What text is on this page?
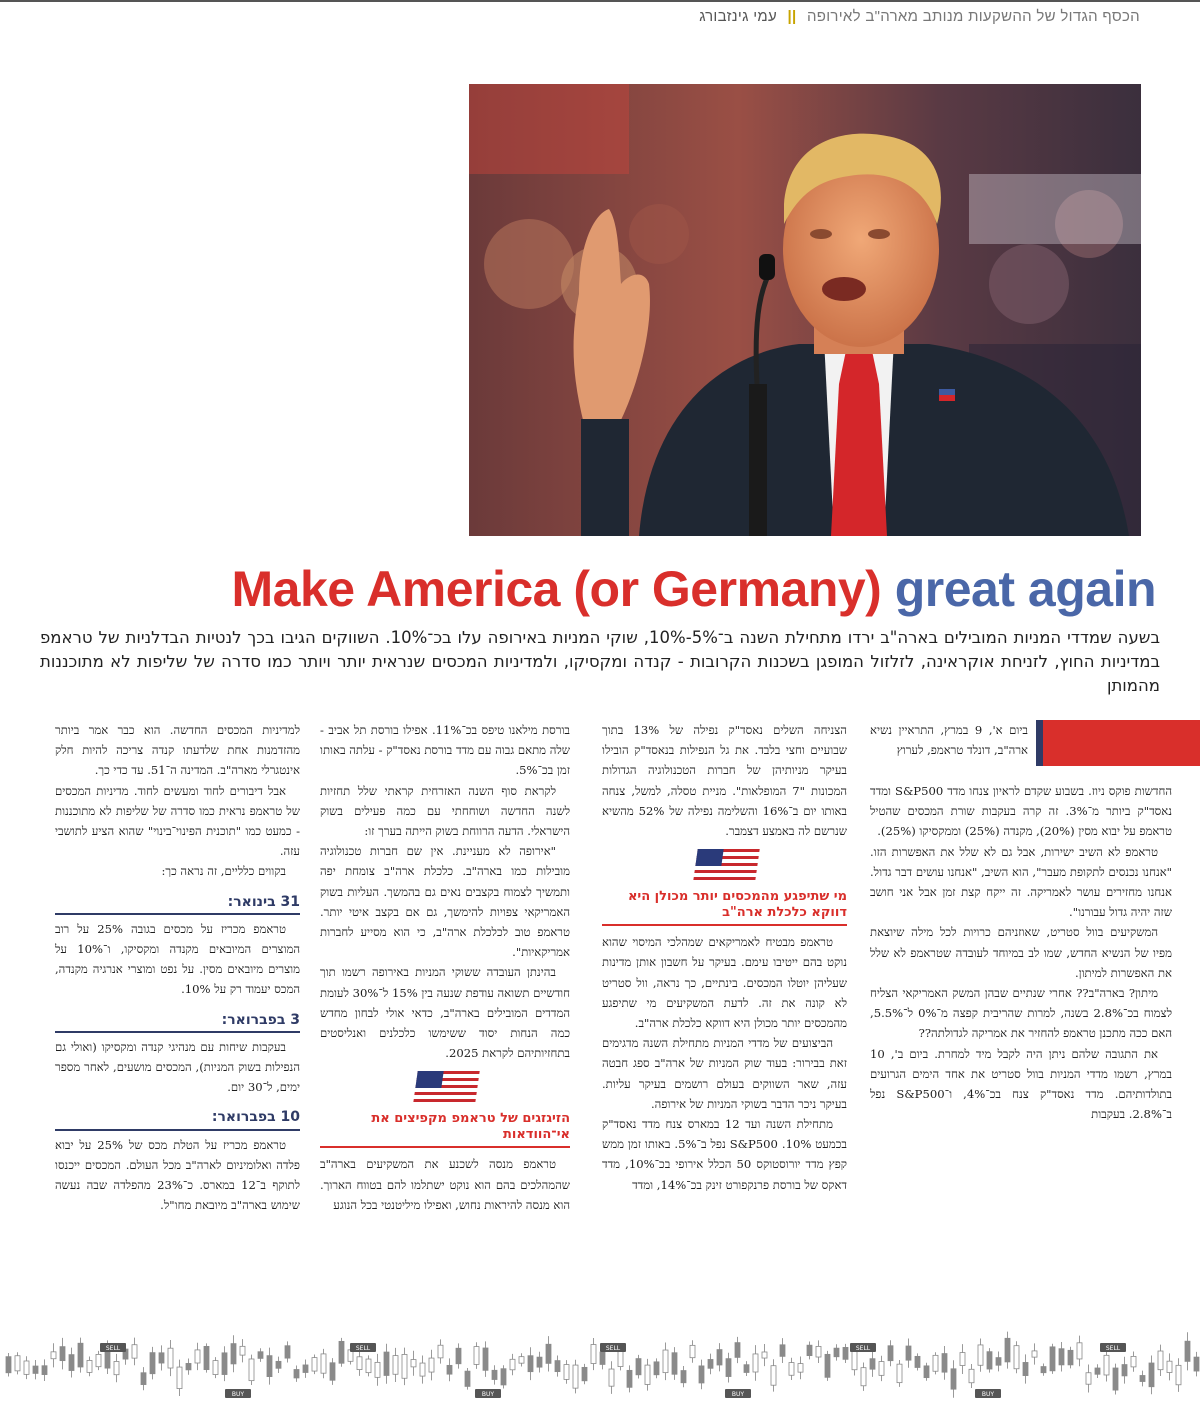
הכסף הגדול של ההשקעות מנותב מארה"ב לאירופה || עמי גינזבורג
Make America (or Germany) great again
בשעה שמדדי המניות המובילים בארה"ב ירדו מתחילת השנה ב־5%-10%, שוקי המניות באירופה עלו בכ־10%. השווקים הגיבו בכך לנטיות הבדלניות של טראמפ במדיניות החוץ, לזניחת אוקראינה, לזלזול המופגן בשכנות הקרובות - קנדה ומקסיקו, ולמדיניות המכסים שנראית יותר ויותר כמו סדרה של שליפות לא מתוכננות מהמותן

ביום א', 9 במרץ, התראיין נשיא ארה"ב, דונלד טראמפ, לערוץ

החדשות פוקס ניוז. בשבוע שקדם לראיון צנחו מדד S&P500 ומדד נאסד"ק ביותר מ־3%. זה קרה בעקבות שורת המכסים שהטיל טראמפ על יבוא מסין (20%), מקנדה (25%) וממקסיקו (25%).

טראמפ לא השיב ישירות, אבל גם לא שלל את האפשרות הזו. "אנחנו נכנסים לתקופת מעבר", הוא השיב, "אנחנו עושים דבר גדול. אנחנו מחזירים עושר לאמריקה. זה ייקח קצת זמן אבל אני חושב שזה יהיה גדול עבורנו".

המשקיעים בוול סטריט, שאוזניהם כרויות לכל מילה שיוצאת מפיו של הנשיא החדש, שמו לב במיוחד לעובדה שטראמפ לא שלל את האפשרות למיתון.

מיתון? בארה"ב?? אחרי שנתיים שבהן המשק האמריקאי הצליח לצמוח בכ־2.8% בשנה, למרות שהריבית קפצה מ־0% ל־5.5%, האם ככה מתכנן טראמפ להחזיר את אמריקה לגדולתה??

את התגובה שלהם ניתן היה לקבל מיד למחרת. ביום ב', 10 במרץ, רשמו מדדי המניות בוול סטריט את אחד הימים הגרועים בתולדותיהם. מדד נאסד"ק צנח בכ־4%, ו־S&P500 נפל ב־2.8%. בעקבות

הצניחה השלים נאסד"ק נפילה של 13% בתוך שבועיים וחצי בלבד. את גל הנפילות בנאסד"ק הובילו בעיקר מניותיהן של חברות הטכנולוגיה הגדולות המכונות "7 המופלאות". מניית טסלה, למשל, צנחה באותו יום ב־16% והשלימה נפילה של 52% מהשיא שנרשם לה באמצע דצמבר.

מי שתיפגע מהמכסים יותר מכולן היא דווקא כלכלת ארה"ב

טראמפ מבטיח לאמריקאים שמהלכי המיסוי שהוא נוקט בהם ייטיבו עימם. בעיקר על חשבון אותן מדינות שעליהן יוטלו המכסים. בינתיים, כך נראה, וול סטריט לא קונה את זה. לדעת המשקיעים מי שתיפגע מהמכסים יותר מכולן היא דווקא כלכלת ארה"ב.

הביצועים של מדדי המניות מתחילת השנה מדגימים זאת בבירור: בעוד שוק המניות של ארה"ב ספג חבטה עזה, שאר השווקים בעולם רושמים בעיקר עליות. בעיקר ניכר הדבר בשוקי המניות של אירופה.

מתחילת השנה ועד 12 במארס צנח מדד נאסד"ק בכמעט 10%. S&P500 נפל ב־5%. באותו זמן ממש קפץ מדד יורוסטוקס 50 הכלל אירופי בכ־10%, מדד דאקס של בורסת פרנקפורט זינק בכ־14%, ומדד

בורסת מילאנו טיפס בכ־11%. אפילו בורסת תל אביב - שלה מתאם גבוה עם מדד בורסת נאסד"ק - עלתה באותו זמן בכ־5%.

לקראת סוף השנה האזרחית קראתי שלל תחזיות לשנה החדשה ושוחחתי עם כמה פעילים בשוק הישראלי. הדעה הרווחת בשוק הייתה בערך זו:

"אירופה לא מעניינת. אין שם חברות טכנולוגיה מובילות כמו בארה"ב. כלכלת ארה"ב צומחת יפה ותמשיך לצמוח בקצבים נאים גם בהמשך. העליות בשוק האמריקאי צפויות להימשך, גם אם בקצב איטי יותר. טראמפ טוב לכלכלת ארה"ב, כי הוא מסייע לחברות אמריקאיות".

בהינתן העובדה ששוקי המניות באירופה רשמו תוך חודשיים תשואה עודפת שנעה בין 15% ל־30% לעומת המדדים המובילים בארה"ב, כדאי אולי לבחון מחדש כמה הנחות יסוד ששימשו כלכלנים ואנליסטים בתחזיותיהם לקראת 2025.

הזיגזגים של טראמפ מקפיצים את אי־הוודאות

טראמפ מנסה לשכנע את המשקיעים בארה"ב שהמהלכים בהם הוא נוקט ישתלמו להם בטווח הארוך. הוא מנסה להיראות נחוש, ואפילו מיליטנטי בכל הנוגע

למדיניות המכסים החדשה. הוא כבר אמר ביותר מהזדמנות אחת שלדעתו קנדה צריכה להיות חלק אינטגרלי מארה"ב. המדינה ה־51. עד כדי כך.

אבל דיבורים לחוד ומעשים לחוד. מדיניות המכסים של טראמפ נראית כמו סדרה של שליפות לא מתוכננות - כמעט כמו "תוכנית הפינוי־בינוי" שהוא הציע לתושבי עזה.

בקווים כלליים, זה נראה כך:

31 בינואר:

טראמפ מכריז על מכסים בגובה 25% על רוב המוצרים המיובאים מקנדה ומקסיקו, ו־10% על מוצרים מיובאים מסין. על נפט ומוצרי אנרגיה מקנדה, המכס יעמוד רק על 10%.

3 בפברואר:

בעקבות שיחות עם מנהיגי קנדה ומקסיקו (ואולי גם הנפילות בשוק המניות), המכסים מושעים, לאחר מספר ימים, ל־30 יום.

10 בפברואר:

טראמפ מכריז על הטלת מכס של 25% על יבוא פלדה ואלומיניום לארה"ב מכל העולם. המכסים ייכנסו לתוקף ב־12 במארס. כ־23% מהפלדה שבה נעשה שימוש בארה"ב מיובאת מחו"ל.

SELL
BUY
SELL
BUY
SELL
BUY
SELL
BUY
SELL
